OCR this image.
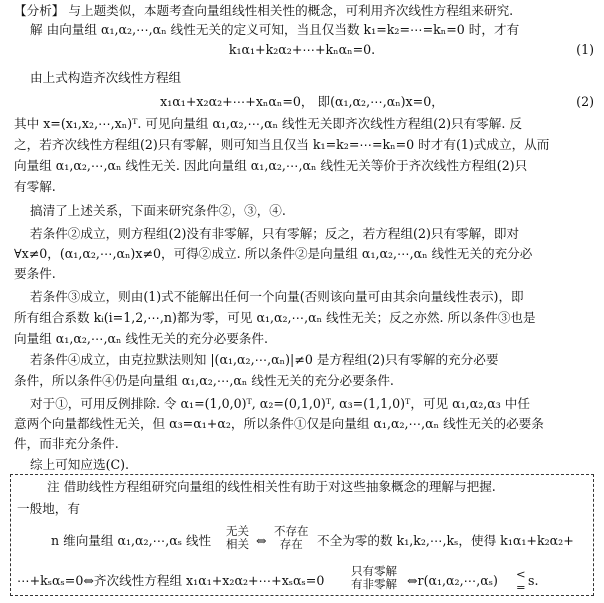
【分析】 与上题类似，本题考查向量组线性相关性的概念，可利用齐次线性方程组来研究.
解 由向量组 α₁,α₂,⋯,αₙ 线性无关的定义可知，当且仅当数 k₁=k₂=⋯=kₙ=0 时，才有
k₁α₁+k₂α₂+⋯+kₙαₙ=0.	(1)
由上式构造齐次线性方程组
x₁α₁+x₂α₂+⋯+xₙαₙ=0， 即(α₁,α₂,⋯,αₙ)x=0，	(2)
其中 x=(x₁,x₂,⋯,xₙ)ᵀ. 可见向量组 α₁,α₂,⋯,αₙ 线性无关即齐次线性方程组(2)只有零解. 反
之，若齐次线性方程组(2)只有零解，则可知当且仅当 k₁=k₂=⋯=kₙ=0 时才有(1)式成立，从而
向量组 α₁,α₂,⋯,αₙ 线性无关. 因此向量组 α₁,α₂,⋯,αₙ 线性无关等价于齐次线性方程组(2)只
有零解.
搞清了上述关系，下面来研究条件②，③，④.
若条件②成立，则方程组(2)没有非零解，只有零解；反之，若方程组(2)只有零解，即对
∀x≠0，(α₁,α₂,⋯,αₙ)x≠0，可得②成立. 所以条件②是向量组 α₁,α₂,⋯,αₙ 线性无关的充分必
要条件.
若条件③成立，则由(1)式不能解出任何一个向量(否则该向量可由其余向量线性表示)，即
所有组合系数 kᵢ(i=1,2,⋯,n)都为零，可见 α₁,α₂,⋯,αₙ 线性无关；反之亦然. 所以条件③也是
向量组 α₁,α₂,⋯,αₙ 线性无关的充分必要条件.
若条件④成立，由克拉默法则知 |(α₁,α₂,⋯,αₙ)|≠0 是方程组(2)只有零解的充分必要
条件，所以条件④仍是向量组 α₁,α₂,⋯,αₙ 线性无关的充分必要条件.
对于①，可用反例排除. 令 α₁=(1,0,0)ᵀ, α₂=(0,1,0)ᵀ, α₃=(1,1,0)ᵀ，可见 α₁,α₂,α₃ 中任
意两个向量都线性无关，但 α₃=α₁+α₂，所以条件①仅是向量组 α₁,α₂,⋯,αₙ 线性无关的必要条
件，而非充分条件.
综上可知应选(C).
注 借助线性方程组研究向量组的线性相关性有助于对这些抽象概念的理解与把握.
一般地，有
n 维向量组 α₁,α₂,⋯,αₛ 线性
无关
相关 ⇔
不存在
存在	不全为零的数 k₁,k₂,⋯,kₛ，使得 k₁α₁+k₂α₂+
⋯+kₛαₛ=0⇔齐次线性方程组 x₁α₁+x₂α₂+⋯+xₛαₛ=0
只有零解
有非零解 ⇔r(α₁,α₂,⋯,αₛ) <
= s.
